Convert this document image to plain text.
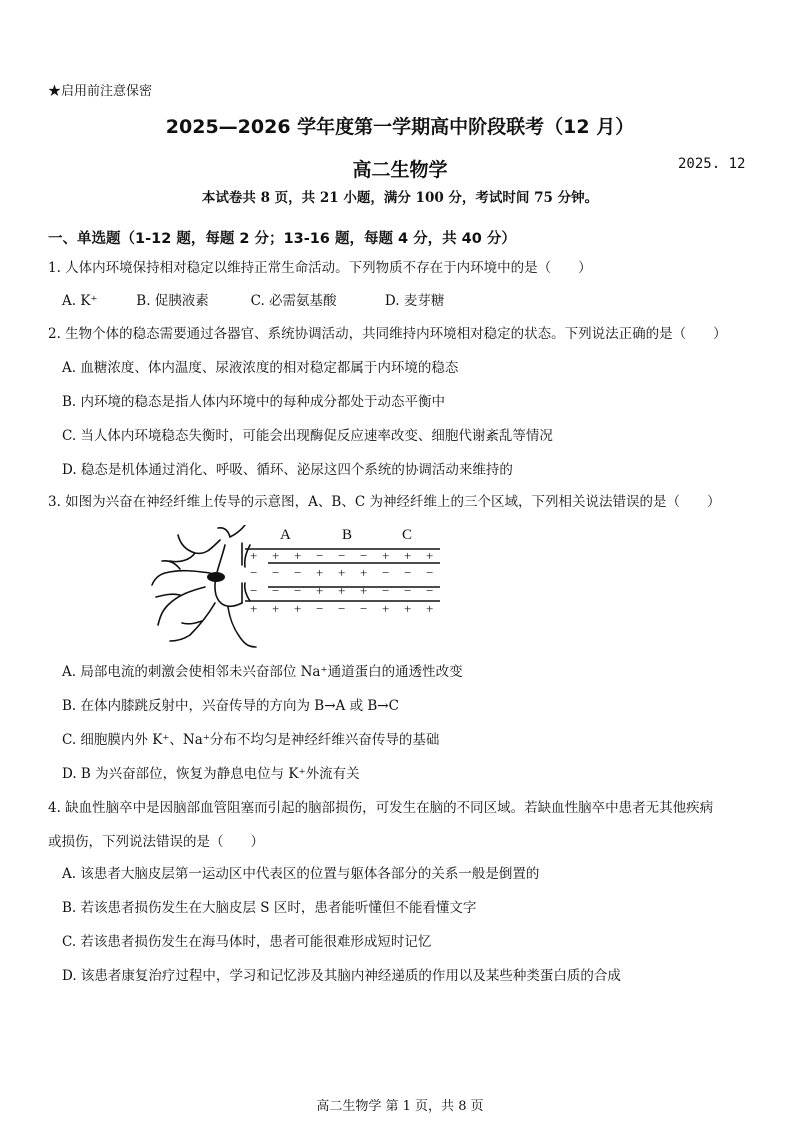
★启用前注意保密
2025—2026 学年度第一学期高中阶段联考（12 月）
高二生物学	2025. 12
本试卷共 8 页，共 21 小题，满分 100 分，考试时间 75 分钟。
一、单选题（1-12 题，每题 2 分；13-16 题，每题 4 分，共 40 分）
1. 人体内环境保持相对稳定以维持正常生命活动。下列物质不存在于内环境中的是（　　）
A. K⁺	B. 促胰液素	C. 必需氨基酸	D. 麦芽糖
2. 生物个体的稳态需要通过各器官、系统协调活动，共同维持内环境相对稳定的状态。下列说法正确的是（　　）
A. 血糖浓度、体内温度、尿液浓度的相对稳定都属于内环境的稳态
B. 内环境的稳态是指人体内环境中的每种成分都处于动态平衡中
C. 当人体内环境稳态失衡时，可能会出现酶促反应速率改变、细胞代谢紊乱等情况
D. 稳态是机体通过消化、呼吸、循环、泌尿这四个系统的协调活动来维持的
3. 如图为兴奋在神经纤维上传导的示意图，A、B、C 为神经纤维上的三个区域，下列相关说法错误的是（　　）
A	B	C
+ + + − − − + + +
− − − + + + − − −
− − − + + + − − −
+ + + − − − + + +
A. 局部电流的刺激会使相邻未兴奋部位 Na⁺通道蛋白的通透性改变
B. 在体内膝跳反射中，兴奋传导的方向为 B→A 或 B→C
C. 细胞膜内外 K⁺、Na⁺分布不均匀是神经纤维兴奋传导的基础
D. B 为兴奋部位，恢复为静息电位与 K⁺外流有关
4. 缺血性脑卒中是因脑部血管阻塞而引起的脑部损伤，可发生在脑的不同区域。若缺血性脑卒中患者无其他疾病
或损伤，下列说法错误的是（　　）
A. 该患者大脑皮层第一运动区中代表区的位置与躯体各部分的关系一般是倒置的
B. 若该患者损伤发生在大脑皮层 S 区时，患者能听懂但不能看懂文字
C. 若该患者损伤发生在海马体时，患者可能很难形成短时记忆
D. 该患者康复治疗过程中，学习和记忆涉及其脑内神经递质的作用以及某些种类蛋白质的合成
高二生物学 第 1 页，共 8 页
